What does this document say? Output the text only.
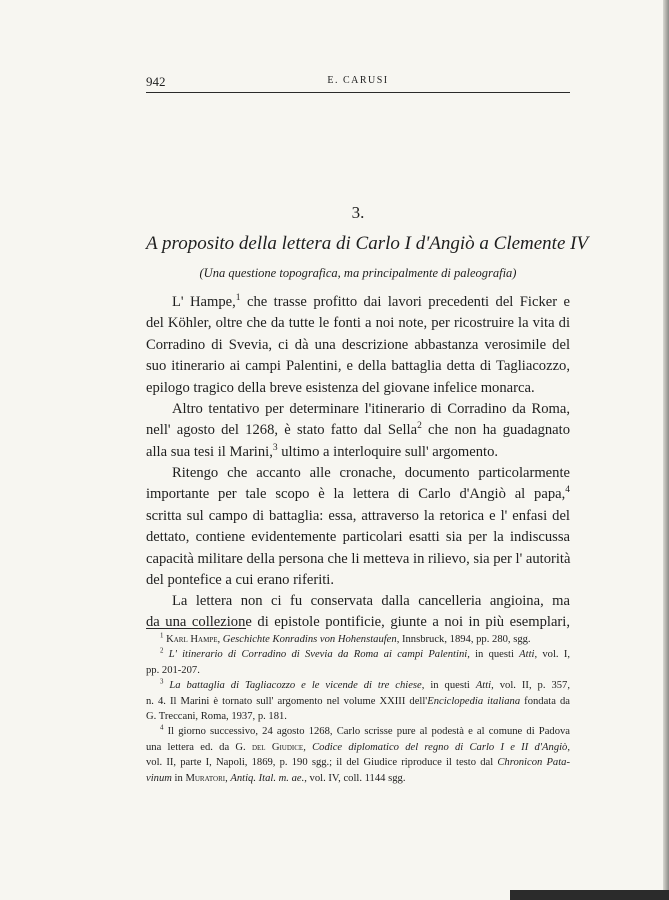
942	E. CARUSI
3.
A proposito della lettera di Carlo I d'Angiò a Clemente IV
(Una questione topografica, ma principalmente di paleografia)
L' Hampe,$^1$ che trasse profitto dai lavori precedenti del Ficker e
del Köhler, oltre che da tutte le fonti a noi note, per ricostruire la vita di
Corradino di Svevia, ci dà una descrizione abbastanza verosimile del
suo itinerario ai campi Palentini, e della battaglia detta di Tagliacozzo,
epilogo tragico della breve esistenza del giovane infelice monarca.
Altro tentativo per determinare l'itinerario di Corradino da Roma,
nell' agosto del 1268, è stato fatto dal Sella$^2$ che non ha guadagnato
alla sua tesi il Marini,$^3$ ultimo a interloquire sull' argomento.
Ritengo che accanto alle cronache, documento particolarmente
importante per tale scopo è la lettera di Carlo d'Angiò al papa,$^4$
scritta sul campo di battaglia: essa, attraverso la retorica e l' enfasi del
dettato, contiene evidentemente particolari esatti sia per la indiscussa
capacità militare della persona che li metteva in rilievo, sia per l' autorità
del pontefice a cui erano riferiti.
La lettera non ci fu conservata dalla cancelleria angioina, ma
da una collezione di epistole pontificie, giunte a noi in più esemplari,
$^1$ Karl Hampe, Geschichte Konradins von Hohenstaufen, Innsbruck, 1894, pp. 280, sgg.
$^2$ L' itinerario di Corradino di Svevia da Roma ai campi Palentini, in questi Atti, vol. I,
pp. 201-207.
$^3$ La battaglia di Tagliacozzo e le vicende di tre chiese, in questi Atti, vol. II, p. 357,
n. 4. Il Marini è tornato sull' argomento nel volume XXIII dell'Enciclopedia italiana fondata da
G. Treccani, Roma, 1937, p. 181.
$^4$ Il giorno successivo, 24 agosto 1268, Carlo scrisse pure al podestà e al comune di Padova
una lettera ed. da G. del Giudice, Codice diplomatico del regno di Carlo I e II d'Angiò,
vol. II, parte I, Napoli, 1869, p. 190 sgg.; il del Giudice riproduce il testo dal Chronicon Pata-
vinum in Muratori, Antiq. Ital. m. ae., vol. IV, coll. 1144 sgg.
